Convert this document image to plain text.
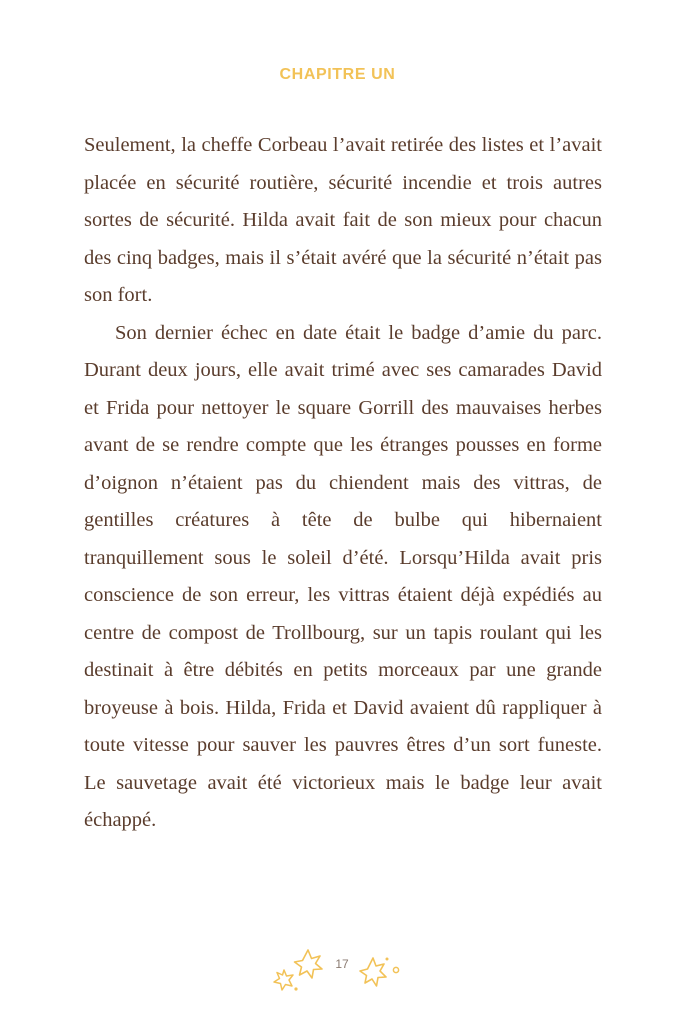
CHAPITRE UN

Seulement, la cheffe Corbeau l’avait retirée des listes et l’avait placée en sécurité routière, sécurité incendie et trois autres sortes de sécurité. Hilda avait fait de son mieux pour chacun des cinq badges, mais il s’était avéré que la sécurité n’était pas son fort.

Son dernier échec en date était le badge d’amie du parc. Durant deux jours, elle avait trimé avec ses camarades David et Frida pour nettoyer le square Gorrill des mauvaises herbes avant de se rendre compte que les étranges pousses en forme d’oignon n’étaient pas du chiendent mais des vittras, de gentilles créatures à tête de bulbe qui hibernaient tranquillement sous le soleil d’été. Lorsqu’Hilda avait pris conscience de son erreur, les vittras étaient déjà expédiés au centre de compost de Trollbourg, sur un tapis roulant qui les destinait à être débités en petits morceaux par une grande broyeuse à bois. Hilda, Frida et David avaient dû rappliquer à toute vitesse pour sauver les pauvres êtres d’un sort funeste. Le sauvetage avait été victorieux mais le badge leur avait échappé.

17
